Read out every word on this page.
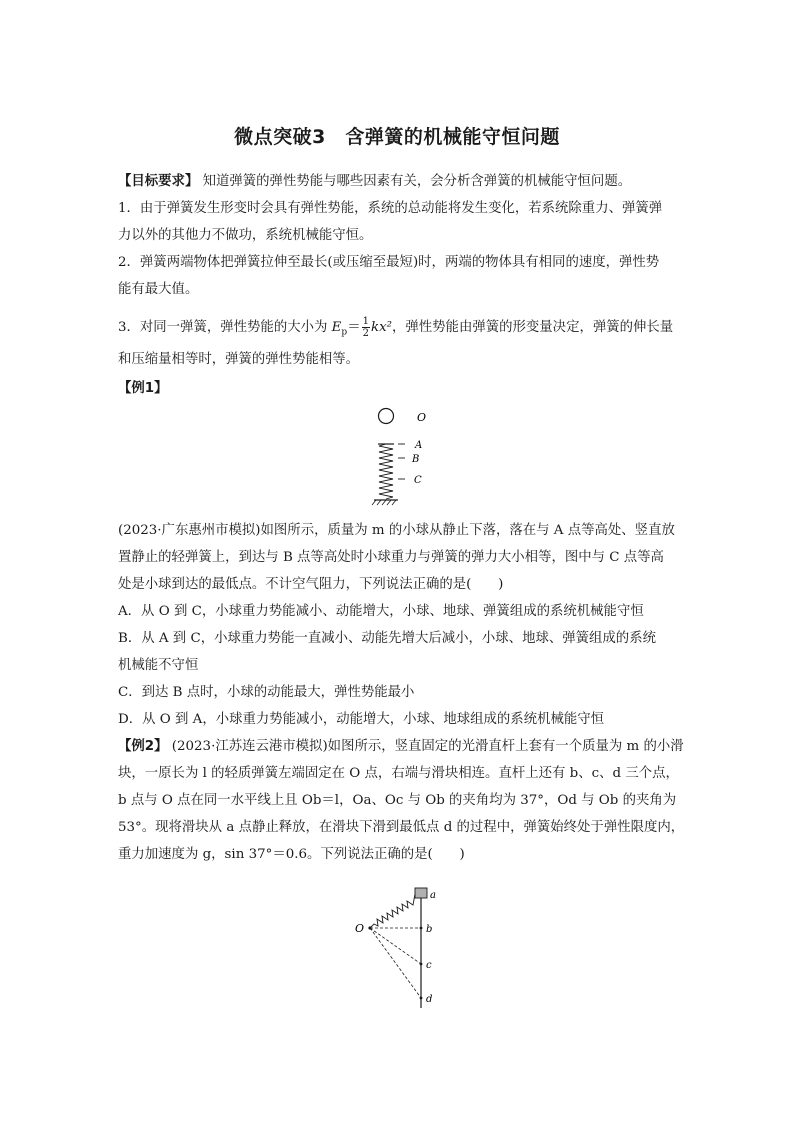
微点突破3　含弹簧的机械能守恒问题
【目标要求】 知道弹簧的弹性势能与哪些因素有关，会分析含弹簧的机械能守恒问题。
1．由于弹簧发生形变时会具有弹性势能，系统的总动能将发生变化，若系统除重力、弹簧弹
力以外的其他力不做功，系统机械能守恒。
2．弹簧两端物体把弹簧拉伸至最长(或压缩至最短)时，两端的物体具有相同的速度，弹性势
能有最大值。
3．对同一弹簧，弹性势能的大小为 $E_p= \frac{1}{2} kx^2$，弹性势能由弹簧的形变量决定，弹簧的伸长量
和压缩量相等时，弹簧的弹性势能相等。
【例1】
O
A
B
C
(2023·广东惠州市模拟)如图所示，质量为 m 的小球从静止下落，落在与 A 点等高处、竖直放
置静止的轻弹簧上，到达与 B 点等高处时小球重力与弹簧的弹力大小相等，图中与 C 点等高
处是小球到达的最低点。不计空气阻力，下列说法正确的是(　　)
A．从 O 到 C，小球重力势能减小、动能增大，小球、地球、弹簧组成的系统机械能守恒
B．从 A 到 C，小球重力势能一直减小、动能先增大后减小，小球、地球、弹簧组成的系统
机械能不守恒
C．到达 B 点时，小球的动能最大，弹性势能最小
D．从 O 到 A，小球重力势能减小，动能增大，小球、地球组成的系统机械能守恒
【例2】 (2023·江苏连云港市模拟)如图所示，竖直固定的光滑直杆上套有一个质量为 m 的小滑
块，一原长为 l 的轻质弹簧左端固定在 O 点，右端与滑块相连。直杆上还有 b、c、d 三个点，
b 点与 O 点在同一水平线上且 Ob＝l，Oa、Oc 与 Ob 的夹角均为 37°，Od 与 Ob 的夹角为
53°。现将滑块从 a 点静止释放，在滑块下滑到最低点 d 的过程中，弹簧始终处于弹性限度内，
重力加速度为 g，sin 37°＝0.6。下列说法正确的是(　　)
a
O	b
c
d
